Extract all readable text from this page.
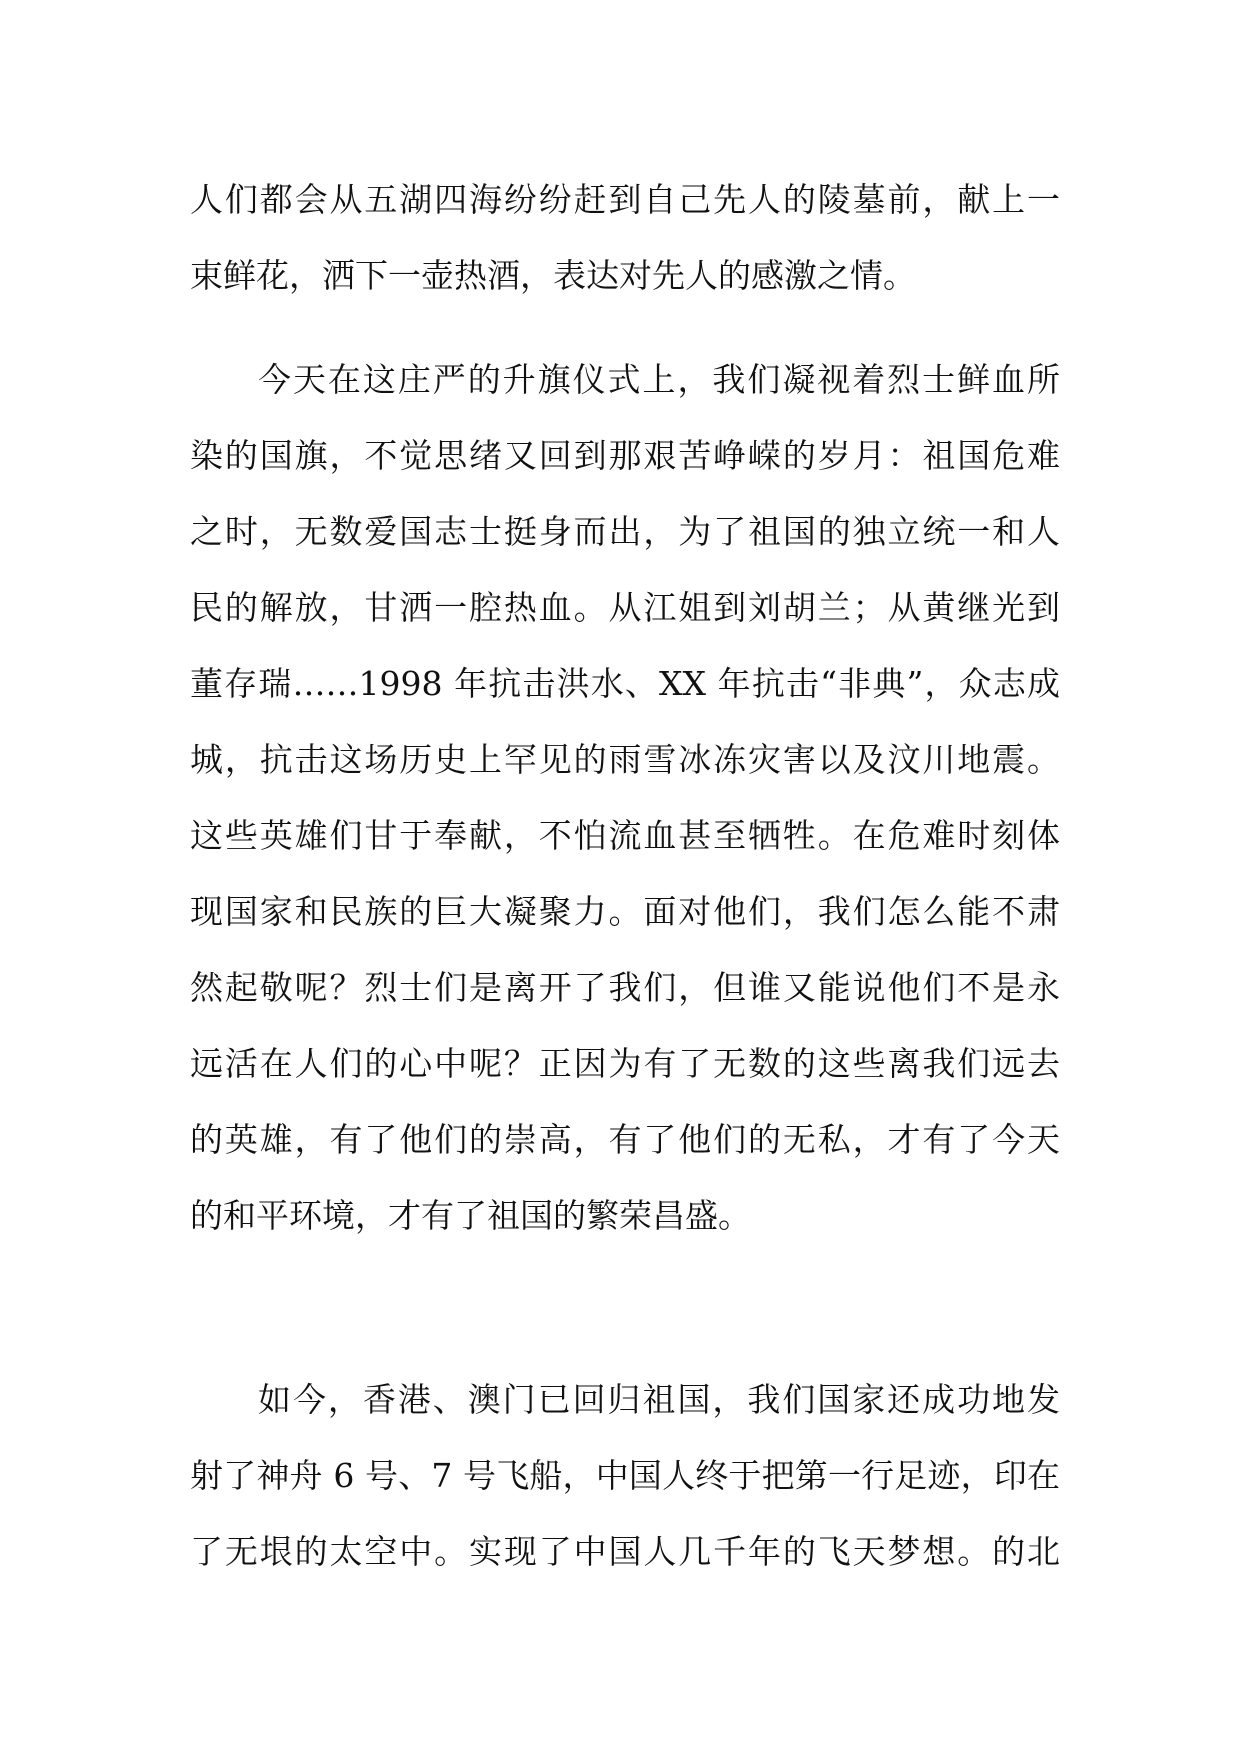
人们都会从五湖四海纷纷赶到自己先人的陵墓前，献上一
束鲜花，洒下一壶热酒，表达对先人的感激之情。
今天在这庄严的升旗仪式上，我们凝视着烈士鲜血所
染的国旗，不觉思绪又回到那艰苦峥嵘的岁月：祖国危难
之时，无数爱国志士挺身而出，为了祖国的独立统一和人
民的解放，甘洒一腔热血。从江姐到刘胡兰；从黄继光到
董存瑞……1998 年抗击洪水、XX 年抗击“非典”，众志成
城，抗击这场历史上罕见的雨雪冰冻灾害以及汶川地震。
这些英雄们甘于奉献，不怕流血甚至牺牲。在危难时刻体
现国家和民族的巨大凝聚力。面对他们，我们怎么能不肃
然起敬呢？烈士们是离开了我们，但谁又能说他们不是永
远活在人们的心中呢？正因为有了无数的这些离我们远去
的英雄，有了他们的崇高，有了他们的无私，才有了今天
的和平环境，才有了祖国的繁荣昌盛。
如今，香港、澳门已回归祖国，我们国家还成功地发
射了神舟 6 号、7 号飞船，中国人终于把第一行足迹，印在
了无垠的太空中。实现了中国人几千年的飞天梦想。的北
